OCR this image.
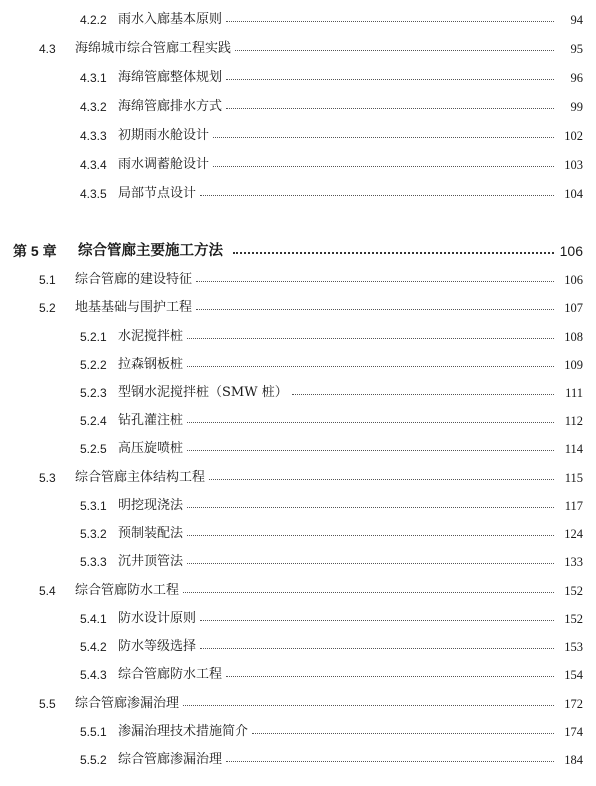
4.2.2 雨水入廊基本原则	94
4.3 海绵城市综合管廊工程实践	95
4.3.1 海绵管廊整体规划	96
4.3.2 海绵管廊排水方式	99
4.3.3 初期雨水舱设计	102
4.3.4 雨水调蓄舱设计	103
4.3.5 局部节点设计	104
第 5 章 综合管廊主要施工方法	106
5.1 综合管廊的建设特征	106
5.2 地基基础与围护工程	107
5.2.1 水泥搅拌桩	108
5.2.2 拉森钢板桩	109
5.2.3 型钢水泥搅拌桩（SMW 桩）	111
5.2.4 钻孔灌注桩	112
5.2.5 高压旋喷桩	114
5.3 综合管廊主体结构工程	115
5.3.1 明挖现浇法	117
5.3.2 预制装配法	124
5.3.3 沉井顶管法	133
5.4 综合管廊防水工程	152
5.4.1 防水设计原则	152
5.4.2 防水等级选择	153
5.4.3 综合管廊防水工程	154
5.5 综合管廊渗漏治理	172
5.5.1 渗漏治理技术措施简介	174
5.5.2 综合管廊渗漏治理	184
